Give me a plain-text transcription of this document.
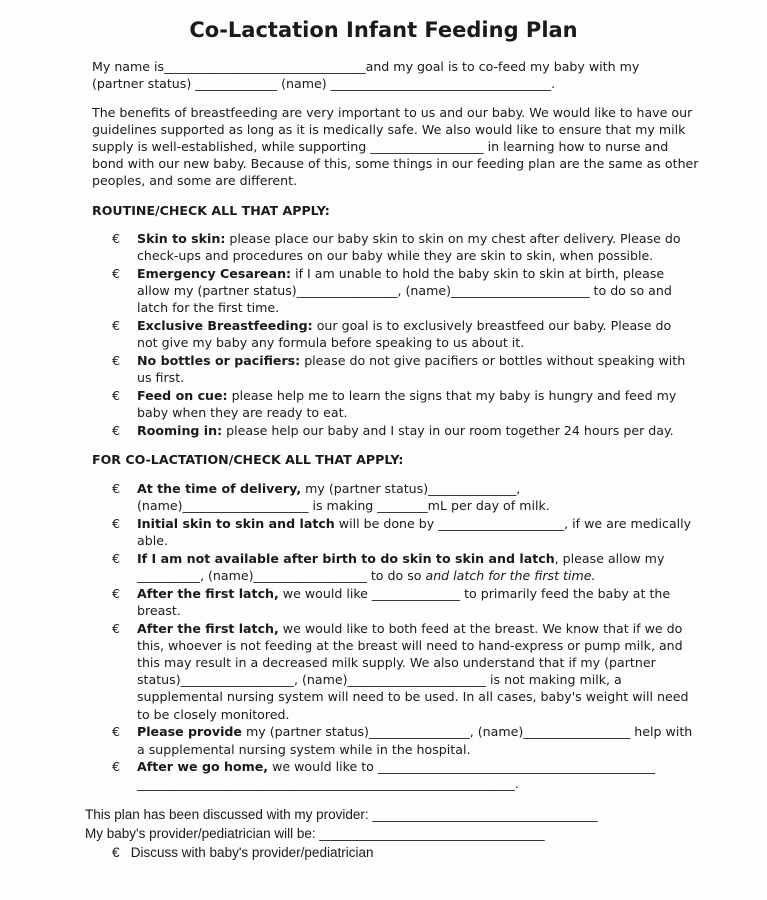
Co-Lactation Infant Feeding Plan
My name is________________________________and my goal is to co-feed my baby with my
(partner status) _____________ (name) ___________________________________.
The benefits of breastfeeding are very important to us and our baby. We would like to have our guidelines supported as long as it is medically safe. We also would like to ensure that my milk supply is well-established, while supporting __________________ in learning how to nurse and bond with our new baby. Because of this, some things in our feeding plan are the same as other peoples, and some are different.
ROUTINE/CHECK ALL THAT APPLY:
€ Skin to skin: please place our baby skin to skin on my chest after delivery. Please do check-ups and procedures on our baby while they are skin to skin, when possible.
€ Emergency Cesarean: if I am unable to hold the baby skin to skin at birth, please allow my (partner status)________________, (name)______________________ to do so and latch for the first time.
€ Exclusive Breastfeeding: our goal is to exclusively breastfeed our baby. Please do not give my baby any formula before speaking to us about it.
€ No bottles or pacifiers: please do not give pacifiers or bottles without speaking with us first.
€ Feed on cue: please help me to learn the signs that my baby is hungry and feed my baby when they are ready to eat.
€ Rooming in: please help our baby and I stay in our room together 24 hours per day.
FOR CO-LACTATION/CHECK ALL THAT APPLY:
€ At the time of delivery, my (partner status)______________, (name)____________________ is making ________mL per day of milk.
€ Initial skin to skin and latch will be done by ____________________, if we are medically able.
€ If I am not available after birth to do skin to skin and latch, please allow my __________, (name)__________________ to do so and latch for the first time.
€ After the first latch, we would like ______________ to primarily feed the baby at the breast.
€ After the first latch, we would like to both feed at the breast. We know that if we do this, whoever is not feeding at the breast will need to hand-express or pump milk, and this may result in a decreased milk supply. We also understand that if my (partner status)__________________, (name)______________________ is not making milk, a supplemental nursing system will need to be used. In all cases, baby's weight will need to be closely monitored.
€ Please provide my (partner status)________________, (name)_________________ help with a supplemental nursing system while in the hospital.
€ After we go home, we would like to ____________________________________________ ____________________________________________________________.
This plan has been discussed with my provider: ______________________________
My baby's provider/pediatrician will be: ______________________________
€ Discuss with baby's provider/pediatrician
